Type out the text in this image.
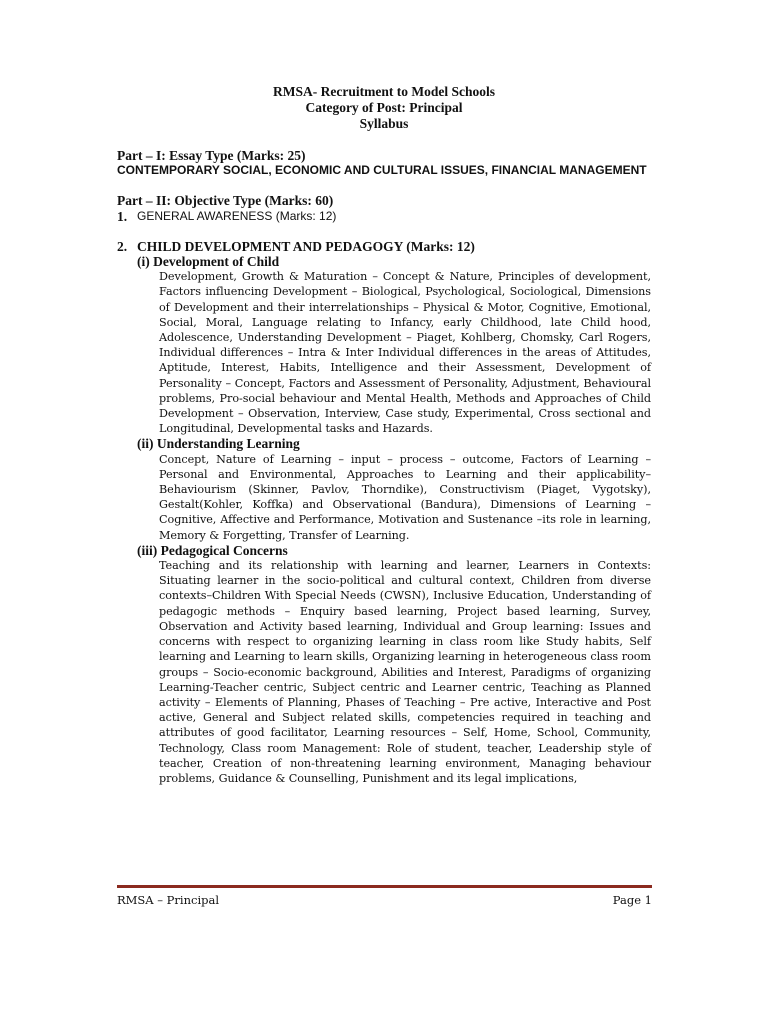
RMSA- Recruitment to Model Schools
Category of Post: Principal
Syllabus
Part – I: Essay Type (Marks: 25)
CONTEMPORARY SOCIAL, ECONOMIC AND CULTURAL ISSUES, FINANCIAL MANAGEMENT
Part – II: Objective Type (Marks: 60)
1. GENERAL AWARENESS (Marks: 12)
2. CHILD DEVELOPMENT AND PEDAGOGY (Marks: 12)
(i) Development of Child
Development, Growth & Maturation – Concept & Nature, Principles of development, Factors influencing Development – Biological, Psychological, Sociological, Dimensions of Development and their interrelationships – Physical & Motor, Cognitive, Emotional, Social, Moral, Language relating to Infancy, early Childhood, late Child hood, Adolescence, Understanding Development – Piaget, Kohlberg, Chomsky, Carl Rogers, Individual differences – Intra & Inter Individual differences in the areas of Attitudes, Aptitude, Interest, Habits, Intelligence and their Assessment, Development of Personality – Concept, Factors and Assessment of Personality, Adjustment, Behavioural problems, Pro-social behaviour and Mental Health, Methods and Approaches of Child Development – Observation, Interview, Case study, Experimental, Cross sectional and Longitudinal, Developmental tasks and Hazards.
(ii) Understanding Learning
Concept, Nature of Learning – input – process – outcome, Factors of Learning – Personal and Environmental, Approaches to Learning and their applicability–Behaviourism (Skinner, Pavlov, Thorndike), Constructivism (Piaget, Vygotsky), Gestalt(Kohler, Koffka) and Observational (Bandura), Dimensions of Learning – Cognitive, Affective and Performance, Motivation and Sustenance –its role in learning, Memory & Forgetting, Transfer of Learning.
(iii) Pedagogical Concerns
Teaching and its relationship with learning and learner, Learners in Contexts: Situating learner in the socio-political and cultural context, Children from diverse contexts–Children With Special Needs (CWSN), Inclusive Education, Understanding of pedagogic methods – Enquiry based learning, Project based learning, Survey, Observation and Activity based learning, Individual and Group learning: Issues and concerns with respect to organizing learning in class room like Study habits, Self learning and Learning to learn skills, Organizing learning in heterogeneous class room groups – Socio-economic background, Abilities and Interest, Paradigms of organizing Learning-Teacher centric, Subject centric and Learner centric, Teaching as Planned activity – Elements of Planning, Phases of Teaching – Pre active, Interactive and Post active, General and Subject related skills, competencies required in teaching and attributes of good facilitator, Learning resources – Self, Home, School, Community, Technology, Class room Management: Role of student, teacher, Leadership style of teacher, Creation of non-threatening learning environment, Managing behaviour problems, Guidance & Counselling, Punishment and its legal implications,
RMSA – Principal	Page 1
